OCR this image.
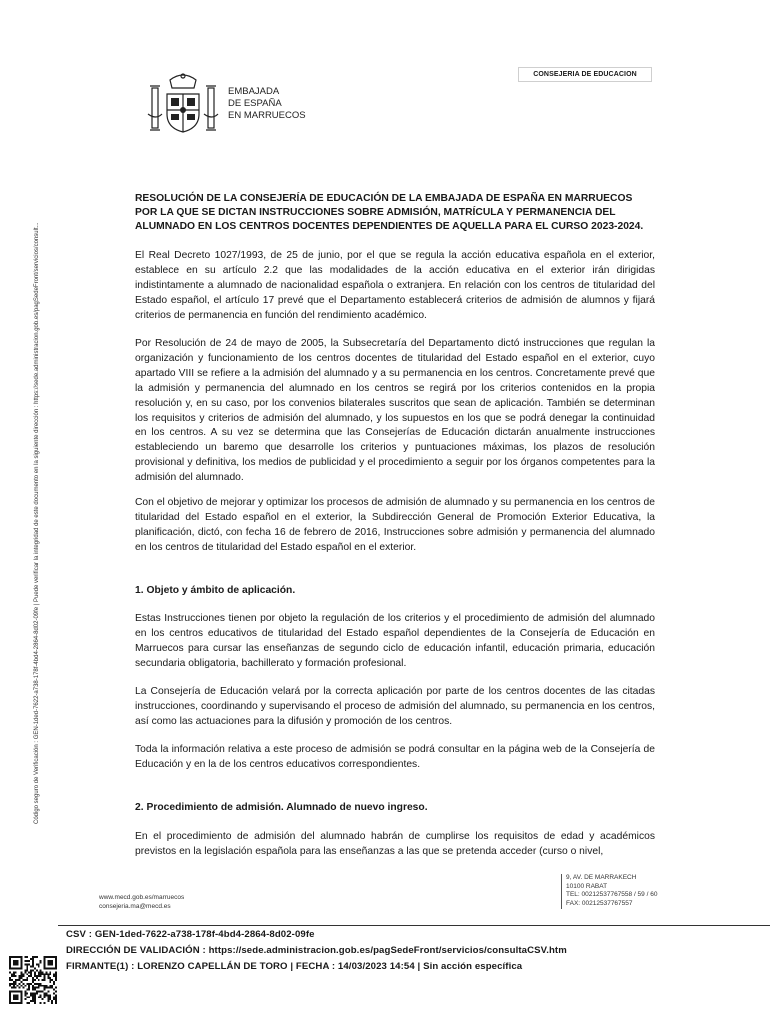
Código seguro de Verificación : GEN-1ded-7622-a738-178f-4bd4-2864-8d02-09fe | Puede verificar la integridad de este documento en la siguiente dirección : https://sede.administracion.gob.es/pagSedeFront/servicios/consult...
CONSEJERIA DE EDUCACION
EMBAJADA
DE ESPAÑA
EN MARRUECOS
RESOLUCIÓN DE LA CONSEJERÍA DE EDUCACIÓN DE LA EMBAJADA DE ESPAÑA EN MARRUECOS POR LA QUE SE DICTAN INSTRUCCIONES SOBRE ADMISIÓN, MATRÍCULA Y PERMANENCIA DEL ALUMNADO EN LOS CENTROS DOCENTES DEPENDIENTES DE AQUELLA PARA EL CURSO 2023-2024.
El Real Decreto 1027/1993, de 25 de junio, por el que se regula la acción educativa española en el exterior, establece en su artículo 2.2 que las modalidades de la acción educativa en el exterior irán dirigidas indistintamente a alumnado de nacionalidad española o extranjera. En relación con los centros de titularidad del Estado español, el artículo 17 prevé que el Departamento establecerá criterios de admisión de alumnos y fijará criterios de permanencia en función del rendimiento académico.
Por Resolución de 24 de mayo de 2005, la Subsecretaría del Departamento dictó instrucciones que regulan la organización y funcionamiento de los centros docentes de titularidad del Estado español en el exterior, cuyo apartado VIII se refiere a la admisión del alumnado y a su permanencia en los centros. Concretamente prevé que la admisión y permanencia del alumnado en los centros se regirá por los criterios contenidos en la propia resolución y, en su caso, por los convenios bilaterales suscritos que sean de aplicación. También se determinan los requisitos y criterios de admisión del alumnado, y los supuestos en los que se podrá denegar la continuidad en los centros. A su vez se determina que las Consejerías de Educación dictarán anualmente instrucciones estableciendo un baremo que desarrolle los criterios y puntuaciones máximas, los plazos de resolución provisional y definitiva, los medios de publicidad y el procedimiento a seguir por los órganos competentes para la admisión del alumnado.
Con el objetivo de mejorar y optimizar los procesos de admisión de alumnado y su permanencia en los centros de titularidad del Estado español en el exterior, la Subdirección General de Promoción Exterior Educativa, la planificación, dictó, con fecha 16 de febrero de 2016, Instrucciones sobre admisión y permanencia del alumnado en los centros de titularidad del Estado español en el exterior.
1. Objeto y ámbito de aplicación.
Estas Instrucciones tienen por objeto la regulación de los criterios y el procedimiento de admisión del alumnado en los centros educativos de titularidad del Estado español dependientes de la Consejería de Educación en Marruecos para cursar las enseñanzas de segundo ciclo de educación infantil, educación primaria, educación secundaria obligatoria, bachillerato y formación profesional.
La Consejería de Educación velará por la correcta aplicación por parte de los centros docentes de las citadas instrucciones, coordinando y supervisando el proceso de admisión del alumnado, su permanencia en los centros, así como las actuaciones para la difusión y promoción de los centros.
Toda la información relativa a este proceso de admisión se podrá consultar en la página web de la Consejería de Educación y en la de los centros educativos correspondientes.
2. Procedimiento de admisión. Alumnado de nuevo ingreso.
En el procedimiento de admisión del alumnado habrán de cumplirse los requisitos de edad y académicos previstos en la legislación española para las enseñanzas a las que se pretenda acceder (curso o nivel,
www.mecd.gob.es/marruecos
consejeria.ma@mecd.es
9, AV. DE MARRAKECH
10100 RABAT
TEL: 00212537767558 / 59 / 60
FAX: 00212537767557
CSV : GEN-1ded-7622-a738-178f-4bd4-2864-8d02-09fe
DIRECCIÓN DE VALIDACIÓN : https://sede.administracion.gob.es/pagSedeFront/servicios/consultaCSV.htm
FIRMANTE(1) : LORENZO CAPELLÁN DE TORO | FECHA : 14/03/2023 14:54 | Sin acción específica
